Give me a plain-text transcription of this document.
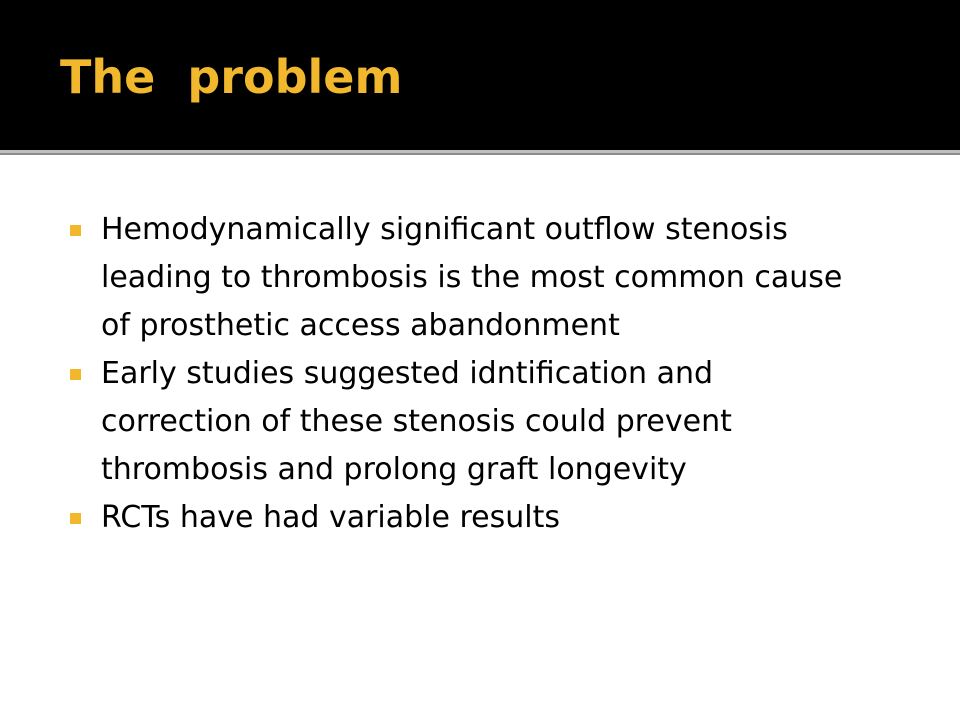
The  problem
Hemodynamically significant outflow stenosis leading to thrombosis is the most common cause of prosthetic access abandonment
Early studies suggested idntification and correction of these stenosis could prevent thrombosis and prolong graft longevity
RCTs have had variable results
